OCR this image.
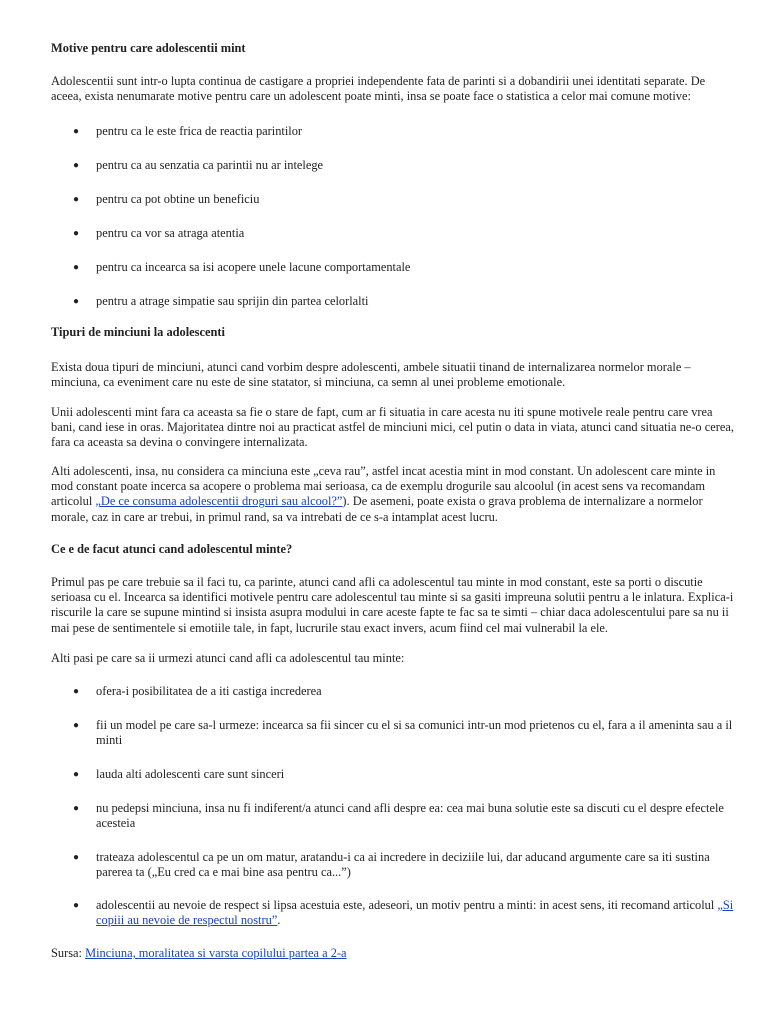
Motive pentru care adolescentii mint

Adolescentii sunt intr-o lupta continua de castigare a propriei independente fata de parinti si a dobandirii unei identitati separate. De aceea, exista nenumarate motive pentru care un adolescent poate minti, insa se poate face o statistica a celor mai comune motive:

● pentru ca le este frica de reactia parintilor
● pentru ca au senzatia ca parintii nu ar intelege
● pentru ca pot obtine un beneficiu
● pentru ca vor sa atraga atentia
● pentru ca incearca sa isi acopere unele lacune comportamentale
● pentru a atrage simpatie sau sprijin din partea celorlalti
Tipuri de minciuni la adolescenti

Exista doua tipuri de minciuni, atunci cand vorbim despre adolescenti, ambele situatii tinand de internalizarea normelor morale – minciuna, ca eveniment care nu este de sine statator, si minciuna, ca semn al unei probleme emotionale.

Unii adolescenti mint fara ca aceasta sa fie o stare de fapt, cum ar fi situatia in care acesta nu iti spune motivele reale pentru care vrea bani, cand iese in oras. Majoritatea dintre noi au practicat astfel de minciuni mici, cel putin o data in viata, atunci cand situatia ne-o cerea, fara ca aceasta sa devina o convingere internalizata.

Alti adolescenti, insa, nu considera ca minciuna este „ceva rau”, astfel incat acestia mint in mod constant. Un adolescent care minte in mod constant poate incerca sa acopere o problema mai serioasa, ca de exemplu drogurile sau alcoolul (in acest sens va recomandam articolul „De ce consuma adolescentii droguri sau alcool?”). De asemeni, poate exista o grava problema de internalizare a normelor morale, caz in care ar trebui, in primul rand, sa va intrebati de ce s-a intamplat acest lucru.

Ce e de facut atunci cand adolescentul minte?

Primul pas pe care trebuie sa il faci tu, ca parinte, atunci cand afli ca adolescentul tau minte in mod constant, este sa porti o discutie serioasa cu el. Incearca sa identifici motivele pentru care adolescentul tau minte si sa gasiti impreuna solutii pentru a le inlatura. Explica-i riscurile la care se supune mintind si insista asupra modului in care aceste fapte te fac sa te simti – chiar daca adolescentului pare sa nu ii mai pese de sentimentele si emotiile tale, in fapt, lucrurile stau exact invers, acum fiind cel mai vulnerabil la ele.

Alti pasi pe care sa ii urmezi atunci cand afli ca adolescentul tau minte:

● ofera-i posibilitatea de a iti castiga increderea
● fii un model pe care sa-l urmeze: incearca sa fii sincer cu el si sa comunici intr-un mod prietenos cu el, fara a il ameninta sau a il minti
● lauda alti adolescenti care sunt sinceri
● nu pedepsi minciuna, insa nu fi indiferent/a atunci cand afli despre ea: cea mai buna solutie este sa discuti cu el despre efectele acesteia
● trateaza adolescentul ca pe un om matur, aratandu-i ca ai incredere in deciziile lui, dar aducand argumente care sa iti sustina parerea ta („Eu cred ca e mai bine asa pentru ca...”)
● adolescentii au nevoie de respect si lipsa acestuia este, adeseori, un motiv pentru a minti: in acest sens, iti recomand articolul „Si copiii au nevoie de respectul nostru”.

Sursa: Minciuna, moralitatea si varsta copilului partea a 2-a
